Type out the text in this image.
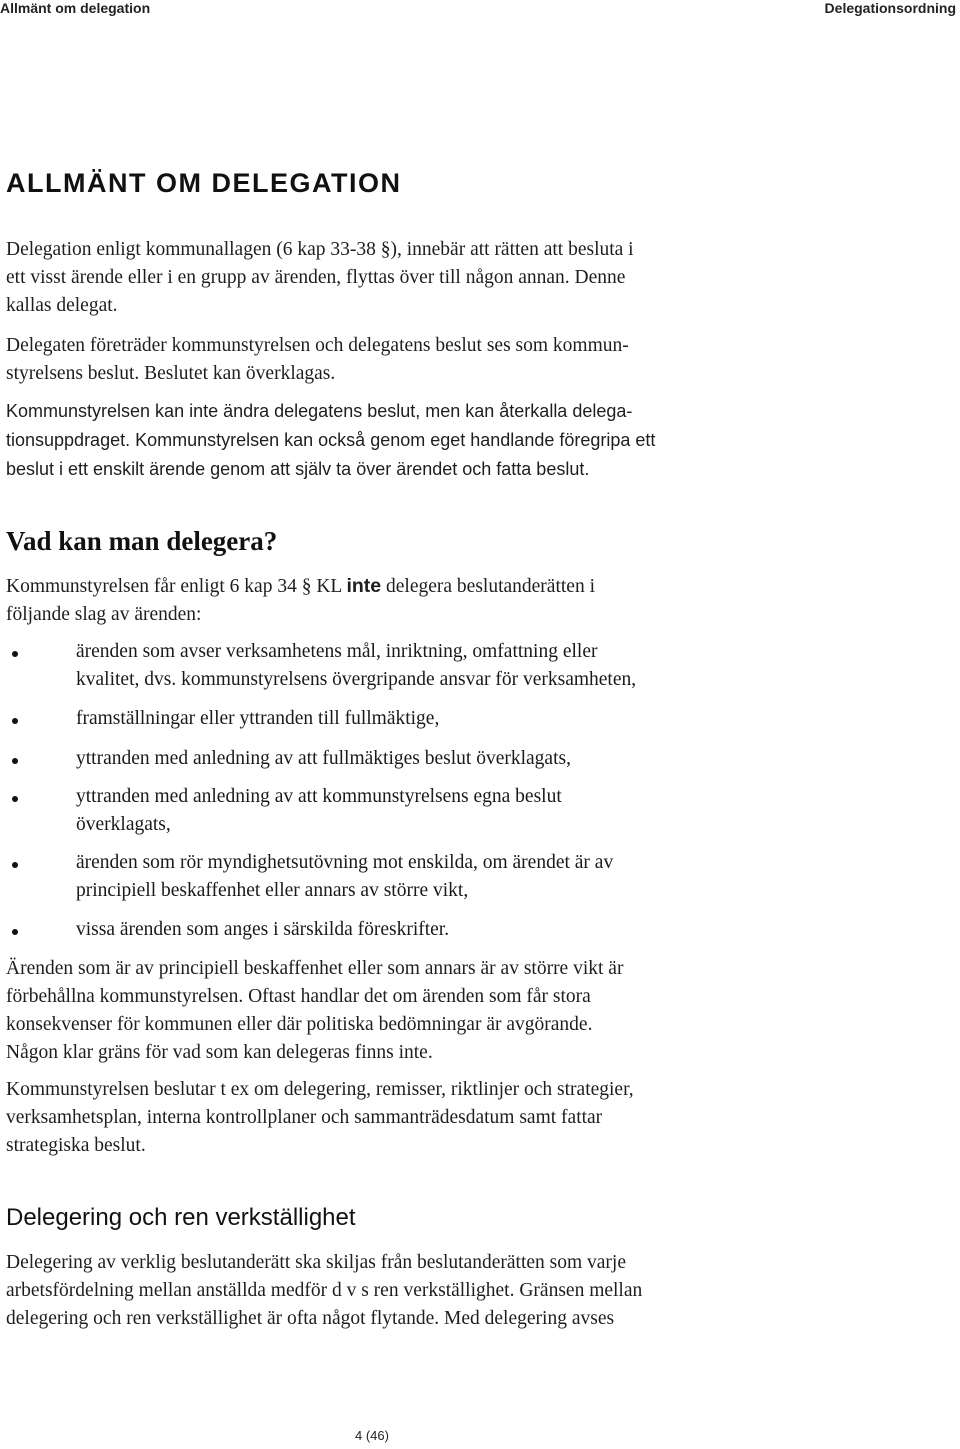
Allmänt om delegation	Delegationsordning
ALLMÄNT OM DELEGATION
Delegation enligt kommunallagen (6 kap 33-38 §), innebär att rätten att besluta i
ett visst ärende eller i en grupp av ärenden, flyttas över till någon annan. Denne
kallas delegat.
Delegaten företräder kommunstyrelsen och delegatens beslut ses som kommun-
styrelsens beslut. Beslutet kan överklagas.
Kommunstyrelsen kan inte ändra delegatens beslut, men kan återkalla delega-
tionsuppdraget. Kommunstyrelsen kan också genom eget handlande föregripa ett
beslut i ett enskilt ärende genom att själv ta över ärendet och fatta beslut.
Vad kan man delegera?
Kommunstyrelsen får enligt 6 kap 34 § KL inte delegera beslutanderätten i
följande slag av ärenden:
ärenden som avser verksamhetens mål, inriktning, omfattning eller
kvalitet, dvs. kommunstyrelsens övergripande ansvar för verksamheten,
framställningar eller yttranden till fullmäktige,
yttranden med anledning av att fullmäktiges beslut överklagats,
yttranden med anledning av att kommunstyrelsens egna beslut
överklagats,
ärenden som rör myndighetsutövning mot enskilda, om ärendet är av
principiell beskaffenhet eller annars av större vikt,
vissa ärenden som anges i särskilda föreskrifter.
Ärenden som är av principiell beskaffenhet eller som annars är av större vikt är
förbehållna kommunstyrelsen. Oftast handlar det om ärenden som får stora
konsekvenser för kommunen eller där politiska bedömningar är avgörande.
Någon klar gräns för vad som kan delegeras finns inte.
Kommunstyrelsen beslutar t ex om delegering, remisser, riktlinjer och strategier,
verksamhetsplan, interna kontrollplaner och sammanträdesdatum samt fattar
strategiska beslut.
Delegering och ren verkställighet
Delegering av verklig beslutanderätt ska skiljas från beslutanderätten som varje
arbetsfördelning mellan anställda medför d v s ren verkställighet. Gränsen mellan
delegering och ren verkställighet är ofta något flytande. Med delegering avses
4 (46)
